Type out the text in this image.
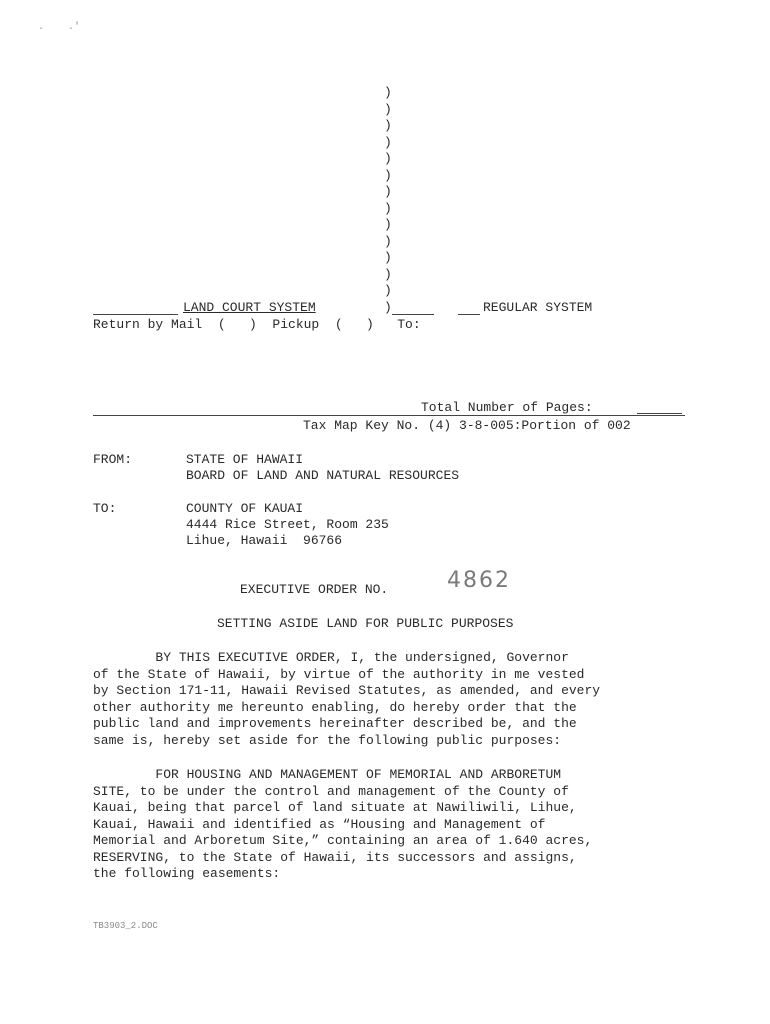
.    .'
)
)
)
)
)
)
)
)
)
)
)
)
)
LAND COURT SYSTEM	)	REGULAR SYSTEM
Return by Mail  (   )  Pickup  (   )   To:
Total Number of Pages:
Tax Map Key No. (4) 3-8-005:Portion of 002
FROM:	STATE OF HAWAII
BOARD OF LAND AND NATURAL RESOURCES
TO:	COUNTY OF KAUAI
4444 Rice Street, Room 235
Lihue, Hawaii  96766
EXECUTIVE ORDER NO.	4862
SETTING ASIDE LAND FOR PUBLIC PURPOSES
BY THIS EXECUTIVE ORDER, I, the undersigned, Governor
of the State of Hawaii, by virtue of the authority in me vested
by Section 171-11, Hawaii Revised Statutes, as amended, and every
other authority me hereunto enabling, do hereby order that the
public land and improvements hereinafter described be, and the
same is, hereby set aside for the following public purposes:
FOR HOUSING AND MANAGEMENT OF MEMORIAL AND ARBORETUM
SITE, to be under the control and management of the County of
Kauai, being that parcel of land situate at Nawiliwili, Lihue,
Kauai, Hawaii and identified as “Housing and Management of
Memorial and Arboretum Site,” containing an area of 1.640 acres,
RESERVING, to the State of Hawaii, its successors and assigns,
the following easements:
TB3903_2.DOC
